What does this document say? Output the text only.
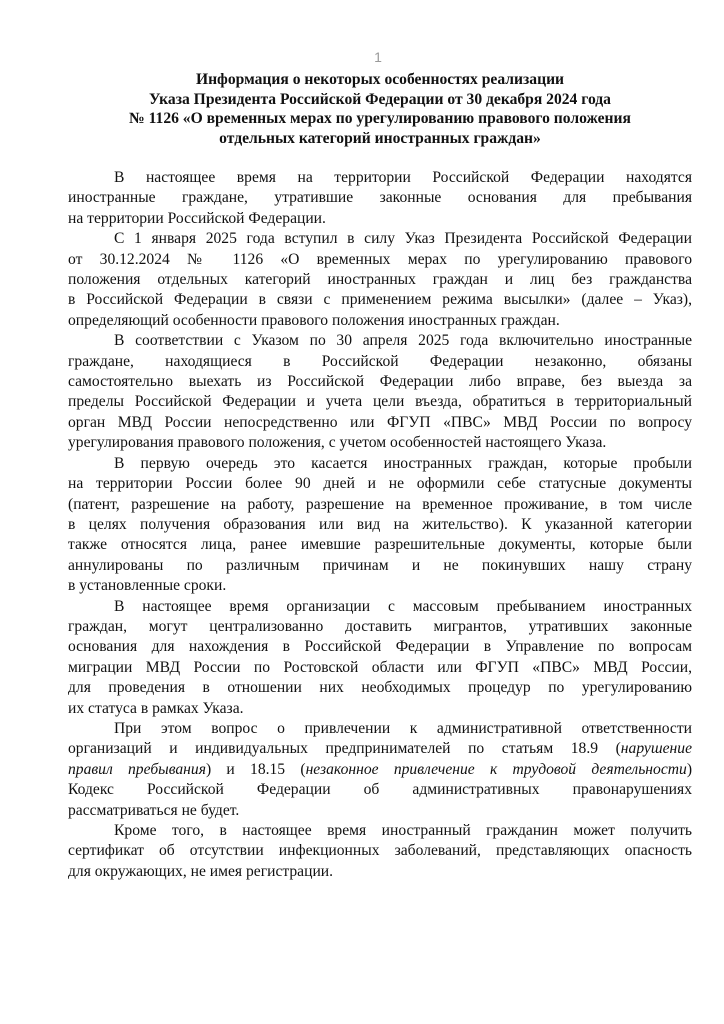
1
Информация о некоторых особенностях реализации
Указа Президента Российской Федерации от 30 декабря 2024 года
№ 1126 «О временных мерах по урегулированию правового положения
отдельных категорий иностранных граждан»

В настоящее время на территории Российской Федерации находятся
иностранные граждане, утратившие законные основания для пребывания
на территории Российской Федерации.

С 1 января 2025 года вступил в силу Указ Президента Российской Федерации
от 30.12.2024 № 1126 «О временных мерах по урегулированию правового
положения отдельных категорий иностранных граждан и лиц без гражданства
в Российской Федерации в связи с применением режима высылки» (далее – Указ),
определяющий особенности правового положения иностранных граждан.

В соответствии с Указом по 30 апреля 2025 года включительно иностранные
граждане, находящиеся в Российской Федерации незаконно, обязаны
самостоятельно выехать из Российской Федерации либо вправе, без выезда за
пределы Российской Федерации и учета цели въезда, обратиться в территориальный
орган МВД России непосредственно или ФГУП «ПВС» МВД России по вопросу
урегулирования правового положения, с учетом особенностей настоящего Указа.

В первую очередь это касается иностранных граждан, которые пробыли
на территории России более 90 дней и не оформили себе статусные документы
(патент, разрешение на работу, разрешение на временное проживание, в том числе
в целях получения образования или вид на жительство). К указанной категории
также относятся лица, ранее имевшие разрешительные документы, которые были
аннулированы по различным причинам и не покинувших нашу страну
в установленные сроки.

В настоящее время организации с массовым пребыванием иностранных
граждан, могут централизованно доставить мигрантов, утративших законные
основания для нахождения в Российской Федерации в Управление по вопросам
миграции МВД России по Ростовской области или ФГУП «ПВС» МВД России,
для проведения в отношении них необходимых процедур по урегулированию
их статуса в рамках Указа.

При этом вопрос о привлечении к административной ответственности
организаций и индивидуальных предпринимателей по статьям 18.9 (нарушение
правил пребывания) и 18.15 (незаконное привлечение к трудовой деятельности)
Кодекс Российской Федерации об административных правонарушениях
рассматриваться не будет.

Кроме того, в настоящее время иностранный гражданин может получить
сертификат об отсутствии инфекционных заболеваний, представляющих опасность
для окружающих, не имея регистрации.
